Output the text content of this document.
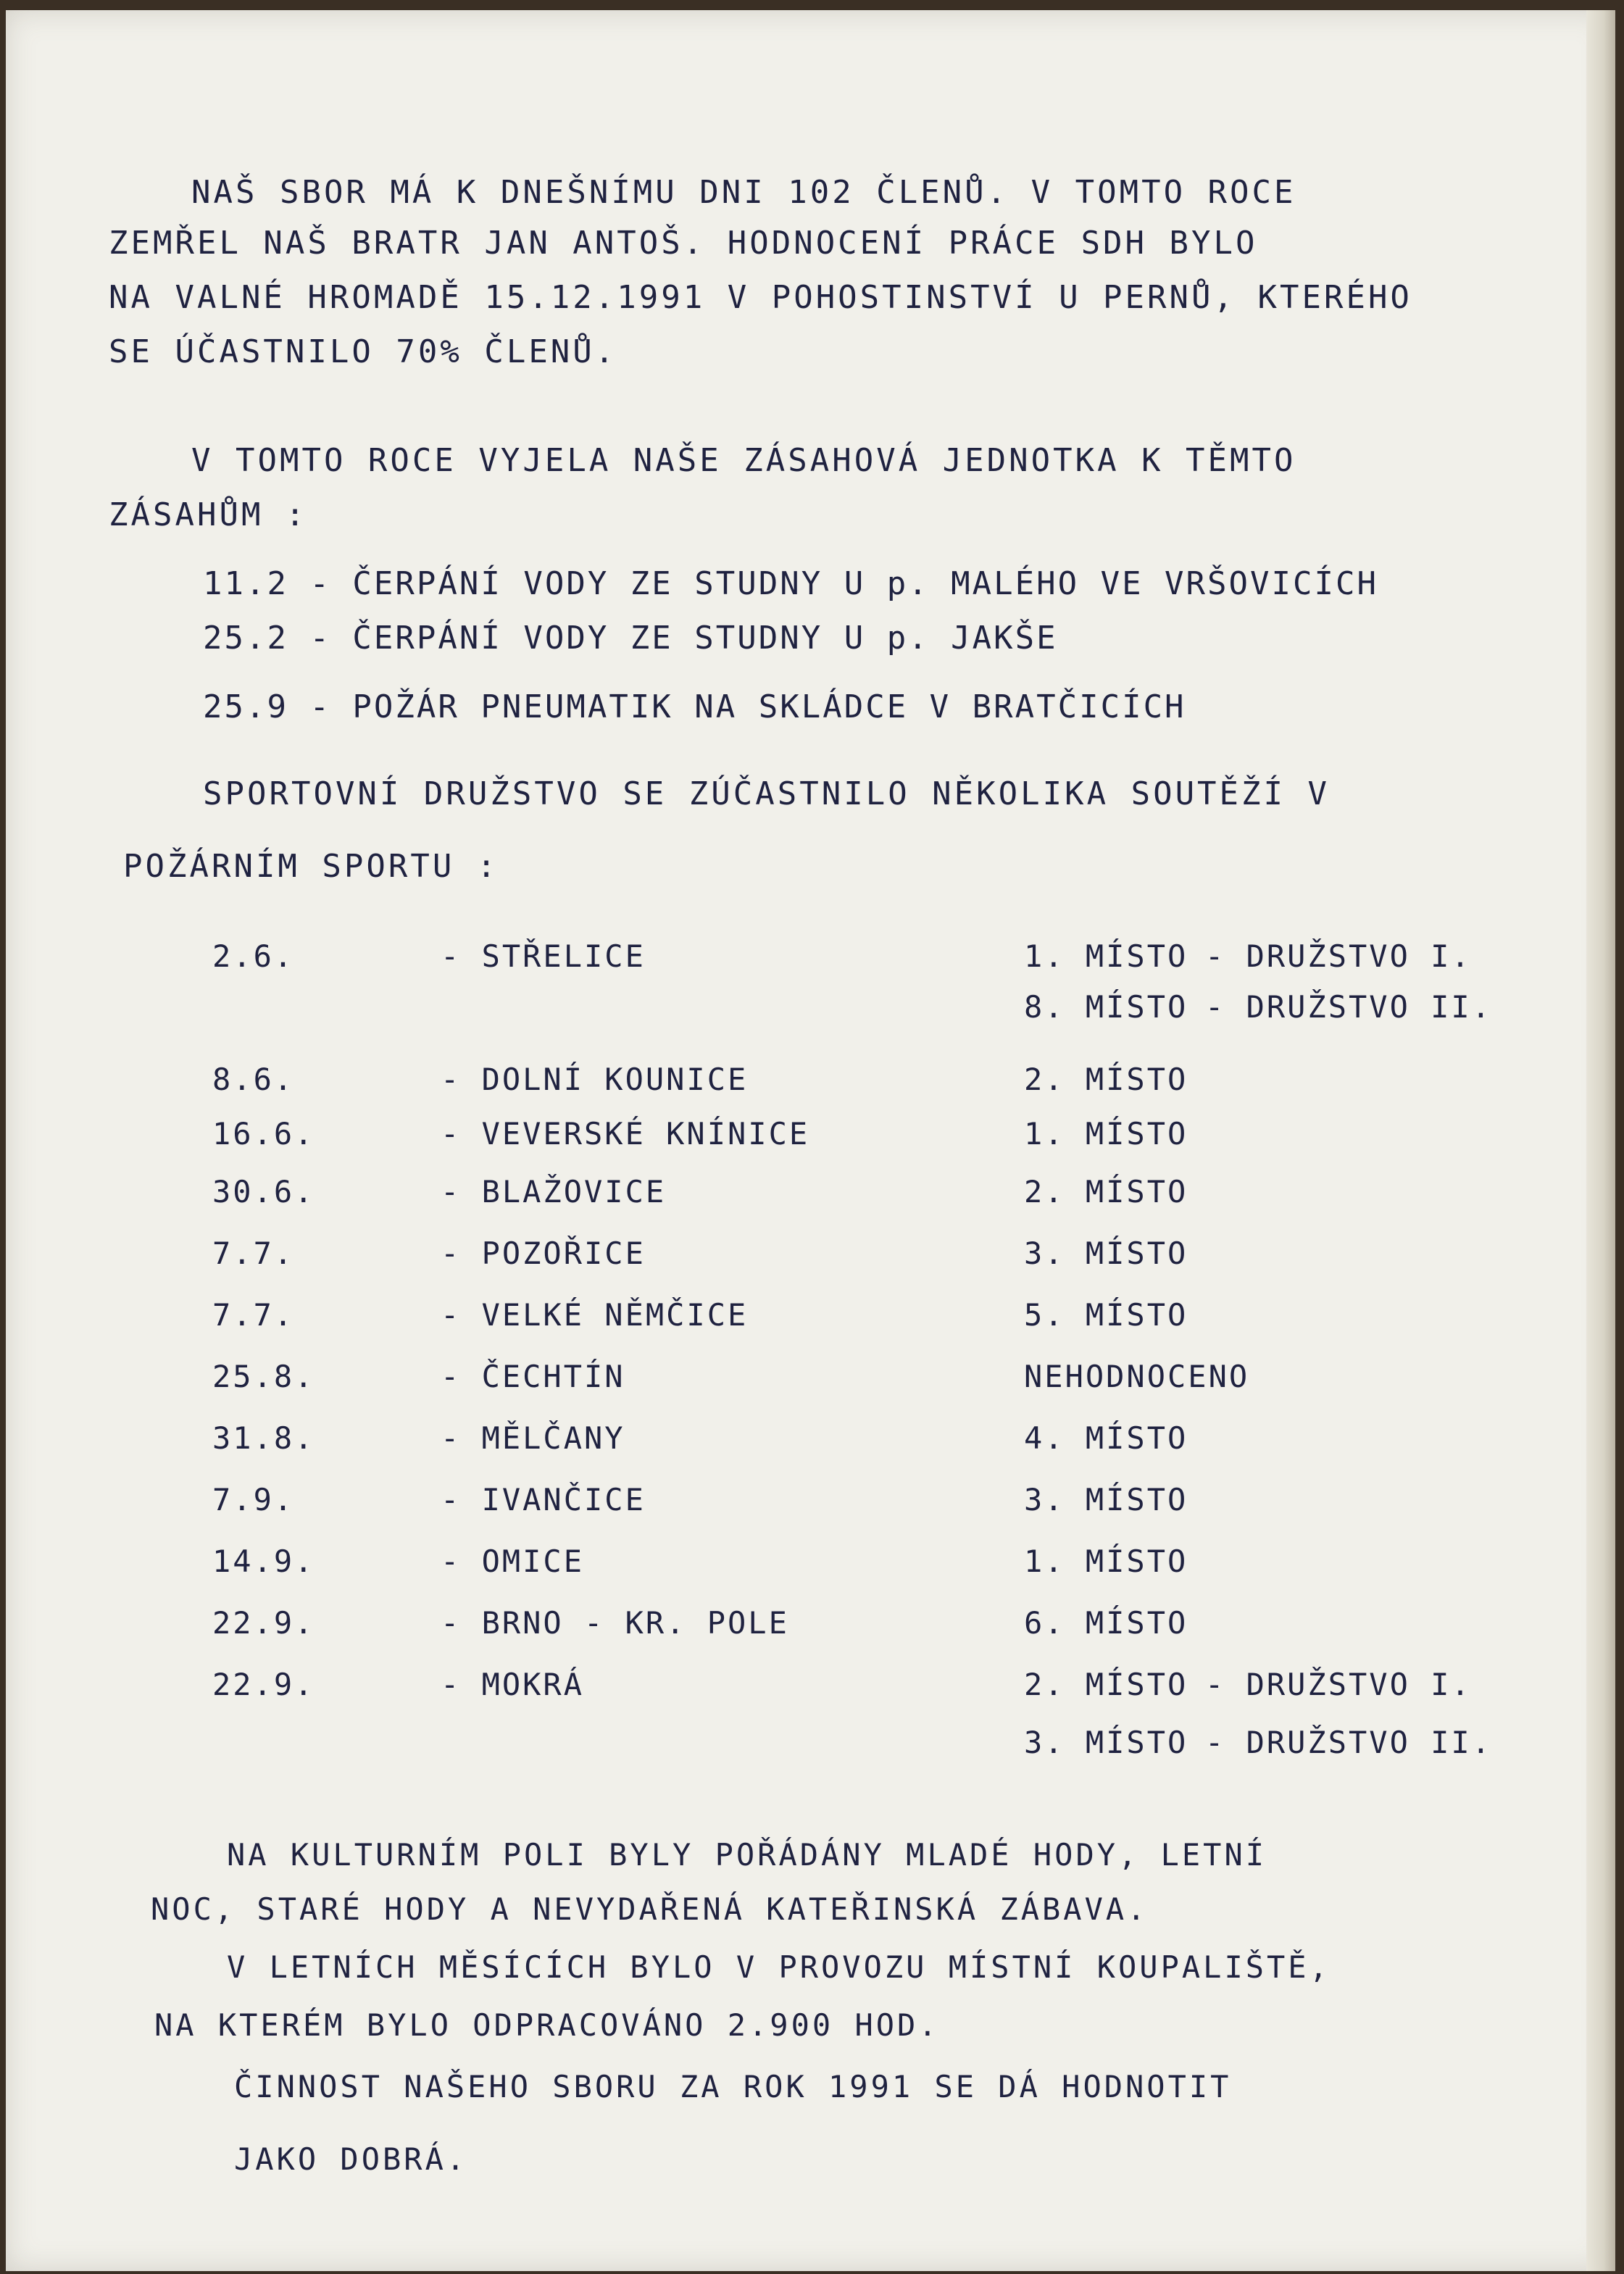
NAŠ SBOR MÁ K DNEŠNÍMU DNI 102 ČLENŮ. V TOMTO ROCE
ZEMŘEL NAŠ BRATR JAN ANTOŠ. HODNOCENÍ PRÁCE SDH BYLO
NA VALNÉ HROMADĚ 15.12.1991 V POHOSTINSTVÍ U PERNŮ, KTERÉHO
SE ÚČASTNILO 70% ČLENŮ.
V TOMTO ROCE VYJELA NAŠE ZÁSAHOVÁ JEDNOTKA K TĚMTO
ZÁSAHŮM :
11.2 - ČERPÁNÍ VODY ZE STUDNY U p. MALÉHO VE VRŠOVICÍCH
25.2 - ČERPÁNÍ VODY ZE STUDNY U p. JAKŠE
25.9 - POŽÁR PNEUMATIK NA SKLÁDCE V BRATČICÍCH
SPORTOVNÍ DRUŽSTVO SE ZÚČASTNILO NĚKOLIKA SOUTĚŽÍ V
POŽÁRNÍM SPORTU :
2.6.	- STŘELICE	1. MÍSTO - DRUŽSTVO I.
8. MÍSTO - DRUŽSTVO II.
8.6.	- DOLNÍ KOUNICE	2. MÍSTO
16.6.	- VEVERSKÉ KNÍNICE	1. MÍSTO
30.6.	- BLAŽOVICE	2. MÍSTO
7.7.	- POZOŘICE	3. MÍSTO
7.7.	- VELKÉ NĚMČICE	5. MÍSTO
25.8.	- ČECHTÍN	NEHODNOCENO
31.8.	- MĚLČANY	4. MÍSTO
7.9.	- IVANČICE	3. MÍSTO
14.9.	- OMICE	1. MÍSTO
22.9.	- BRNO - KR. POLE	6. MÍSTO
22.9.	- MOKRÁ	2. MÍSTO - DRUŽSTVO I.
3. MÍSTO - DRUŽSTVO II.
NA KULTURNÍM POLI BYLY POŘÁDÁNY MLADÉ HODY, LETNÍ
NOC, STARÉ HODY A NEVYDAŘENÁ KATEŘINSKÁ ZÁBAVA.
V LETNÍCH MĚSÍCÍCH BYLO V PROVOZU MÍSTNÍ KOUPALIŠTĚ,
NA KTERÉM BYLO ODPRACOVÁNO 2.900 HOD.
ČINNOST NAŠEHO SBORU ZA ROK 1991 SE DÁ HODNOTIT
JAKO DOBRÁ.
